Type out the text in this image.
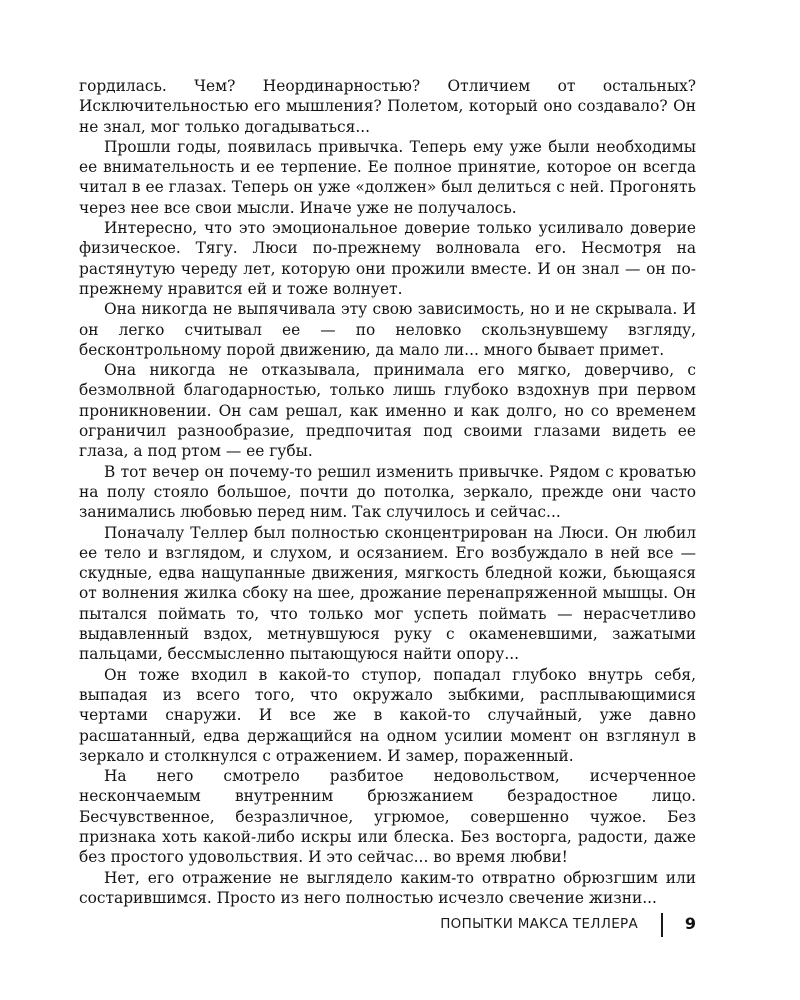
гордилась. Чем? Неординарностью? Отличием от остальных? Исключительностью его мышления? Полетом, который оно создавало? Он не знал, мог только догадываться...

Прошли годы, появилась привычка. Теперь ему уже были необходимы ее внимательность и ее терпение. Ее полное принятие, которое он всегда читал в ее глазах. Теперь он уже «должен» был делиться с ней. Прогонять через нее все свои мысли. Иначе уже не получалось.

Интересно, что это эмоциональное доверие только усиливало доверие физическое. Тягу. Люси по-прежнему волновала его. Несмотря на растянутую череду лет, которую они прожили вместе. И он знал — он по-прежнему нравится ей и тоже волнует.

Она никогда не выпячивала эту свою зависимость, но и не скрывала. И он легко считывал ее — по неловко скользнувшему взгляду, бесконтрольному порой движению, да мало ли... много бывает примет.

Она никогда не отказывала, принимала его мягко, доверчиво, с безмолвной благодарностью, только лишь глубоко вздохнув при первом проникновении. Он сам решал, как именно и как долго, но со временем ограничил разнообразие, предпочитая под своими глазами видеть ее глаза, а под ртом — ее губы.

В тот вечер он почему-то решил изменить привычке. Рядом с кроватью на полу стояло большое, почти до потолка, зеркало, прежде они часто занимались любовью перед ним. Так случилось и сейчас...

Поначалу Теллер был полностью сконцентрирован на Люси. Он любил ее тело и взглядом, и слухом, и осязанием. Его возбуждало в ней все — скудные, едва нащупанные движения, мягкость бледной кожи, бьющаяся от волнения жилка сбоку на шее, дрожание перенапряженной мышцы. Он пытался поймать то, что только мог успеть поймать — нерасчетливо выдавленный вздох, метнувшуюся руку с окаменевшими, зажатыми пальцами, бессмысленно пытающуюся найти опору...

Он тоже входил в какой-то ступор, попадал глубоко внутрь себя, выпадая из всего того, что окружало зыбкими, расплывающимися чертами снаружи. И все же в какой-то случайный, уже давно расшатанный, едва держащийся на одном усилии момент он взглянул в зеркало и столкнулся с отражением. И замер, пораженный.

На него смотрело разбитое недовольством, исчерченное нескончаемым внутренним брюзжанием безрадостное лицо. Бесчувственное, безразличное, угрюмое, совершенно чужое. Без признака хоть какой-либо искры или блеска. Без восторга, радости, даже без простого удовольствия. И это сейчас... во время любви!

Нет, его отражение не выглядело каким-то отвратно обрюзгшим или состарившимся. Просто из него полностью исчезло свечение жизни...

ПОПЫТКИ МАКСА ТЕЛЛЕРА	9
